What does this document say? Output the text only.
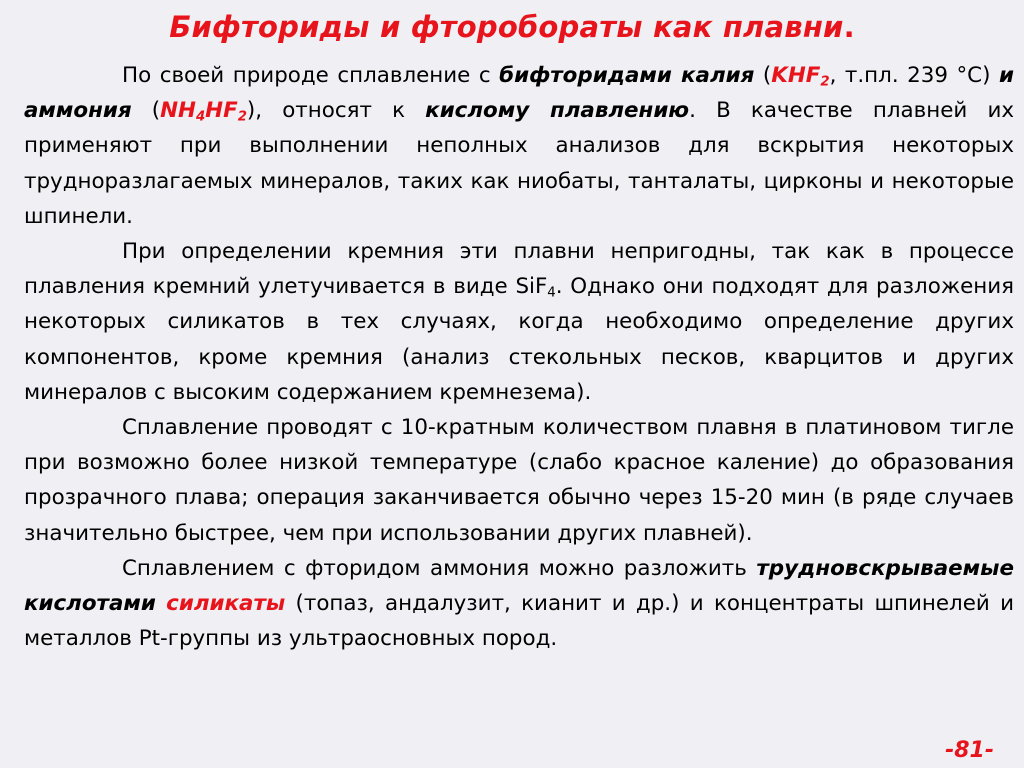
Бифториды и фторобораты как плавни.

По своей природе сплавление с бифторидами калия ($KHF_2$, т.пл. 239 °С) и аммония $(NH_4HF_2)$, относят к кислому плавлению. В качестве плавней их применяют при выполнении неполных анализов для вскрытия некоторых трудноразлагаемых минералов, таких как ниобаты, танталаты, цирконы и некоторые шпинели.

При определении кремния эти плавни непригодны, так как в процессе плавления кремний улетучивается в виде SiF$_4$. Однако они подходят для разложения некоторых силикатов в тех случаях, когда необходимо определение других компонентов, кроме кремния (анализ стекольных песков, кварцитов и других минералов с высоким содержанием кремнезема).

Сплавление проводят с 10-кратным количеством плавня в платиновом тигле при возможно более низкой температуре (слабо красное каление) до образования прозрачного плава; операция заканчивается обычно через 15-20 мин (в ряде случаев значительно быстрее, чем при использовании других плавней).

Сплавлением с фторидом аммония можно разложить трудновскрываемые кислотами силикаты (топаз, андалузит, кианит и др.) и концентраты шпинелей и металлов Pt-группы из ультраосновных пород.

-81-
